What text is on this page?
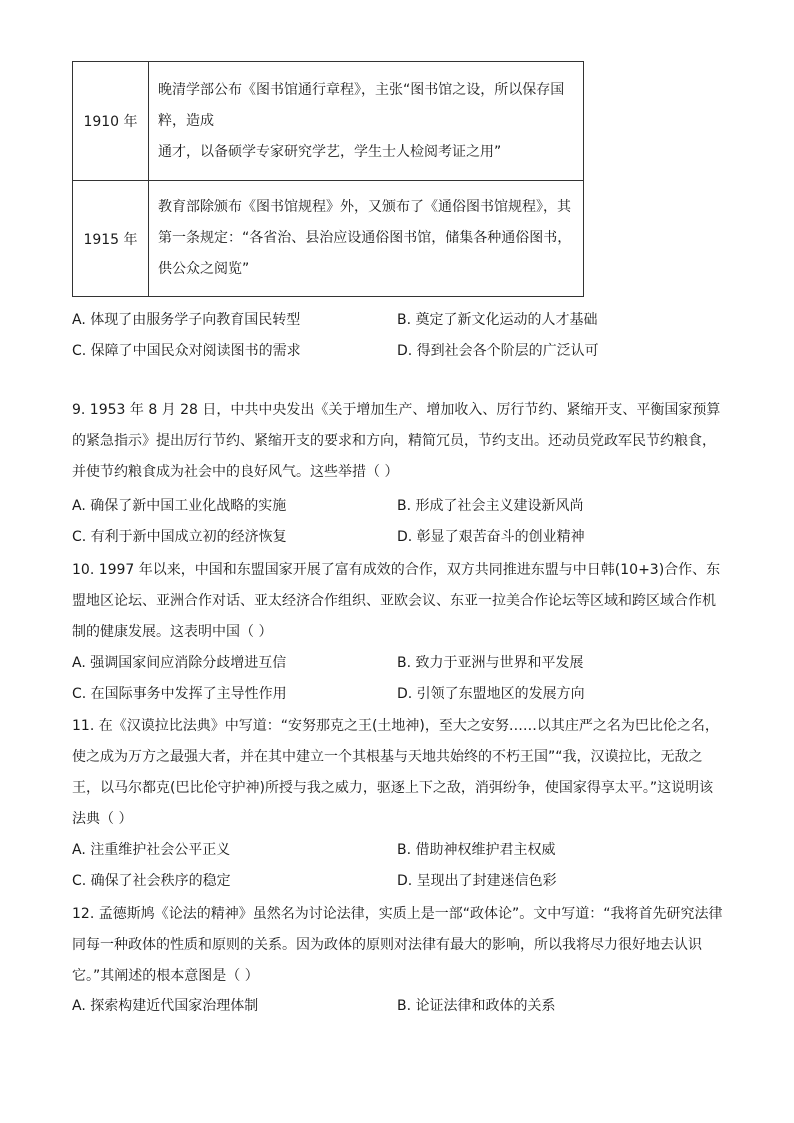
1910 年	晚清学部公布《图书馆通行章程》，主张“图书馆之设，所以保存国粹，造成
通才，以备硕学专家研究学艺，学生士人检阅考证之用”

1915 年	教育部除颁布《图书馆规程》外，又颁布了《通俗图书馆规程》，其第一条规定：“各省治、县治应设通俗图书馆，储集各种通俗图书，供公众之阅览”
A. 体现了由服务学子向教育国民转型	B. 奠定了新文化运动的人才基础
C. 保障了中国民众对阅读图书的需求	D. 得到社会各个阶层的广泛认可
9. 1953 年 8 月 28 日，中共中央发出《关于增加生产、增加收入、厉行节约、紧缩开支、平衡国家预算的紧急指示》提出厉行节约、紧缩开支的要求和方向，精简冗员，节约支出。还动员党政军民节约粮食，并使节约粮食成为社会中的良好风气。这些举措（ ）
A. 确保了新中国工业化战略的实施	B. 形成了社会主义建设新风尚
C. 有利于新中国成立初的经济恢复	D. 彰显了艰苦奋斗的创业精神
10. 1997 年以来，中国和东盟国家开展了富有成效的合作，双方共同推进东盟与中日韩(10+3)合作、东盟地区论坛、亚洲合作对话、亚太经济合作组织、亚欧会议、东亚一拉美合作论坛等区域和跨区域合作机制的健康发展。这表明中国（ ）
A. 强调国家间应消除分歧增进互信	B. 致力于亚洲与世界和平发展
C. 在国际事务中发挥了主导性作用	D. 引领了东盟地区的发展方向
11. 在《汉谟拉比法典》中写道：“安努那克之王(土地神)，至大之安努……以其庄严之名为巴比伦之名，使之成为万方之最强大者，并在其中建立一个其根基与天地共始终的不朽王国”“我，汉谟拉比，无敌之王，以马尔都克(巴比伦守护神)所授与我之威力，驱逐上下之敌，消弭纷争，使国家得享太平。”这说明该法典（ ）
A. 注重维护社会公平正义	B. 借助神权维护君主权威
C. 确保了社会秩序的稳定	D. 呈现出了封建迷信色彩
12. 孟德斯鸠《论法的精神》虽然名为讨论法律，实质上是一部“政体论”。文中写道：“我将首先研究法律同每一种政体的性质和原则的关系。因为政体的原则对法律有最大的影响，所以我将尽力很好地去认识它。”其阐述的根本意图是（ ）
A. 探索构建近代国家治理体制	B. 论证法律和政体的关系
